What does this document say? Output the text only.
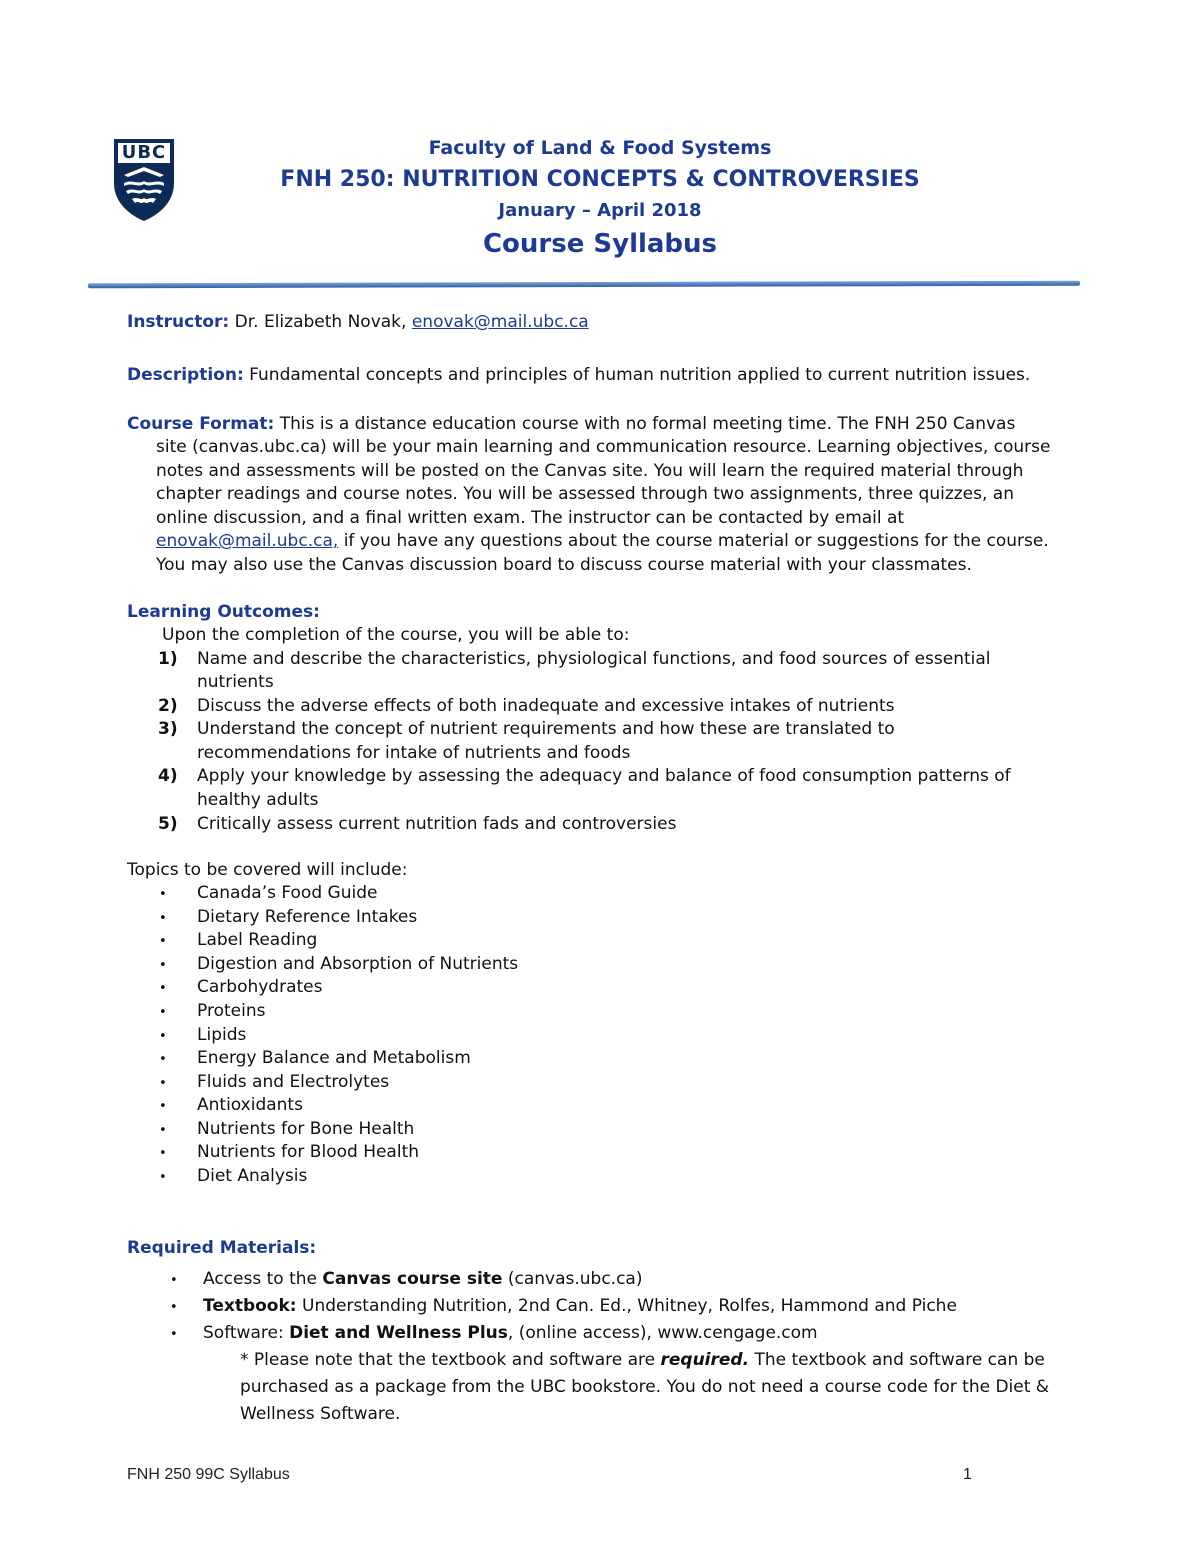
UBC	Faculty of Land & Food Systems
FNH 250: NUTRITION CONCEPTS & CONTROVERSIES
January – April 2018
Course Syllabus
Instructor: Dr. Elizabeth Novak, enovak@mail.ubc.ca
Description: Fundamental concepts and principles of human nutrition applied to current nutrition issues.
Course Format: This is a distance education course with no formal meeting time. The FNH 250 Canvas
site (canvas.ubc.ca) will be your main learning and communication resource. Learning objectives, course
notes and assessments will be posted on the Canvas site. You will learn the required material through
chapter readings and course notes. You will be assessed through two assignments, three quizzes, an
online discussion, and a final written exam. The instructor can be contacted by email at
enovak@mail.ubc.ca, if you have any questions about the course material or suggestions for the course.
You may also use the Canvas discussion board to discuss course material with your classmates.
Learning Outcomes:
Upon the completion of the course, you will be able to:
1) Name and describe the characteristics, physiological functions, and food sources of essential
nutrients
2) Discuss the adverse effects of both inadequate and excessive intakes of nutrients
3) Understand the concept of nutrient requirements and how these are translated to
recommendations for intake of nutrients and foods
4) Apply your knowledge by assessing the adequacy and balance of food consumption patterns of
healthy adults
5) Critically assess current nutrition fads and controversies
Topics to be covered will include:
• Canada’s Food Guide
• Dietary Reference Intakes
• Label Reading
• Digestion and Absorption of Nutrients
• Carbohydrates
• Proteins
• Lipids
• Energy Balance and Metabolism
• Fluids and Electrolytes
• Antioxidants
• Nutrients for Bone Health
• Nutrients for Blood Health
• Diet Analysis
Required Materials:
• Access to the Canvas course site (canvas.ubc.ca)
• Textbook: Understanding Nutrition, 2nd Can. Ed., Whitney, Rolfes, Hammond and Piche
• Software: Diet and Wellness Plus, (online access), www.cengage.com
* Please note that the textbook and software are required. The textbook and software can be
purchased as a package from the UBC bookstore. You do not need a course code for the Diet &
Wellness Software.
FNH 250 99C Syllabus	1
